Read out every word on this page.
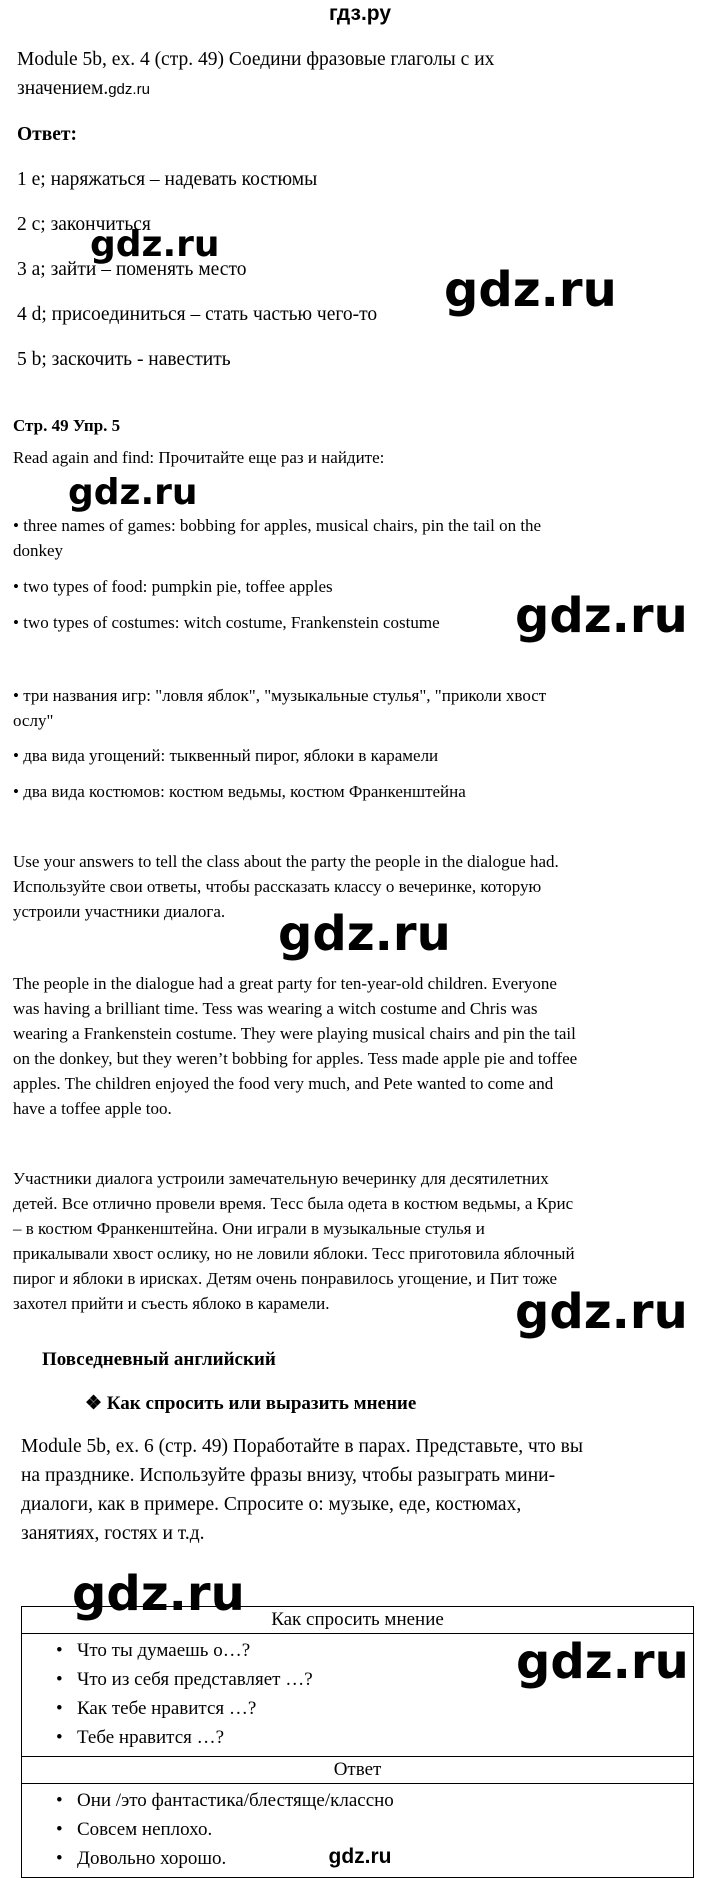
гдз.ру
gdz.ru

Module 5b, ex. 4 (стр. 49) Соедини фразовые глаголы с их

значением.gdz.ru

Ответ:
1 e; наряжаться – надевать костюмы
2 c; закончиться
3 a; зайти – поменять место
4 d; присоединиться – стать частью чего-то
5 b; заскочить - навестить
Стр. 49 Упр. 5
Read again and find: Прочитайте еще раз и найдите:

• three names of games: bobbing for apples, musical chairs, pin the tail on the

donkey

• two types of food: pumpkin pie, toffee apples
• two types of costumes: witch costume, Frankenstein costume

• три названия игр: "ловля яблок", "музыкальные стулья", "приколи хвост

ослу"

• два вида угощений: тыквенный пирог, яблоки в карамели
• два вида костюмов: костюм ведьмы, костюм Франкенштейна

Use your answers to tell the class about the party the people in the dialogue had.

Используйте свои ответы, чтобы рассказать классу о вечеринке, которую

устроили участники диалога.

The people in the dialogue had a great party for ten-year-old children. Everyone

was having a brilliant time. Tess was wearing a witch costume and Chris was

wearing a Frankenstein costume. They were playing musical chairs and pin the tail

on the donkey, but they weren’t bobbing for apples. Tess made apple pie and toffee

apples. The children enjoyed the food very much, and Pete wanted to come and

have a toffee apple too.

Участники диалога устроили замечательную вечеринку для десятилетних

детей. Все отлично провели время. Тесс была одета в костюм ведьмы, а Крис

– в костюм Франкенштейна. Они играли в музыкальные стулья и

прикалывали хвост ослику, но не ловили яблоки. Тесс приготовила яблочный

пирог и яблоки в ирисках. Детям очень понравилось угощение, и Пит тоже

захотел прийти и съесть яблоко в карамели.

Повседневный английский
❖ Как спросить или выразить мнение

Module 5b, ex. 6 (стр. 49) Поработайте в парах. Представьте, что вы

на празднике. Используйте фразы внизу, чтобы разыграть мини-

диалоги, как в примере. Спросите о: музыке, еде, костюмах,

занятиях, гостях и т.д.

Как спросить мнение

• Что ты думаешь о…?
• Что из себя представляет …?
• Как тебе нравится …?
• Тебе нравится …?

Ответ

• Они /это фантастика/блестяще/классно
• Совсем неплохо.
• Довольно хорошо.
gdz.ru
gdz.ru
gdz.ru
gdz.ru
gdz.ru
gdz.ru
gdz.ru
gdz.ru
